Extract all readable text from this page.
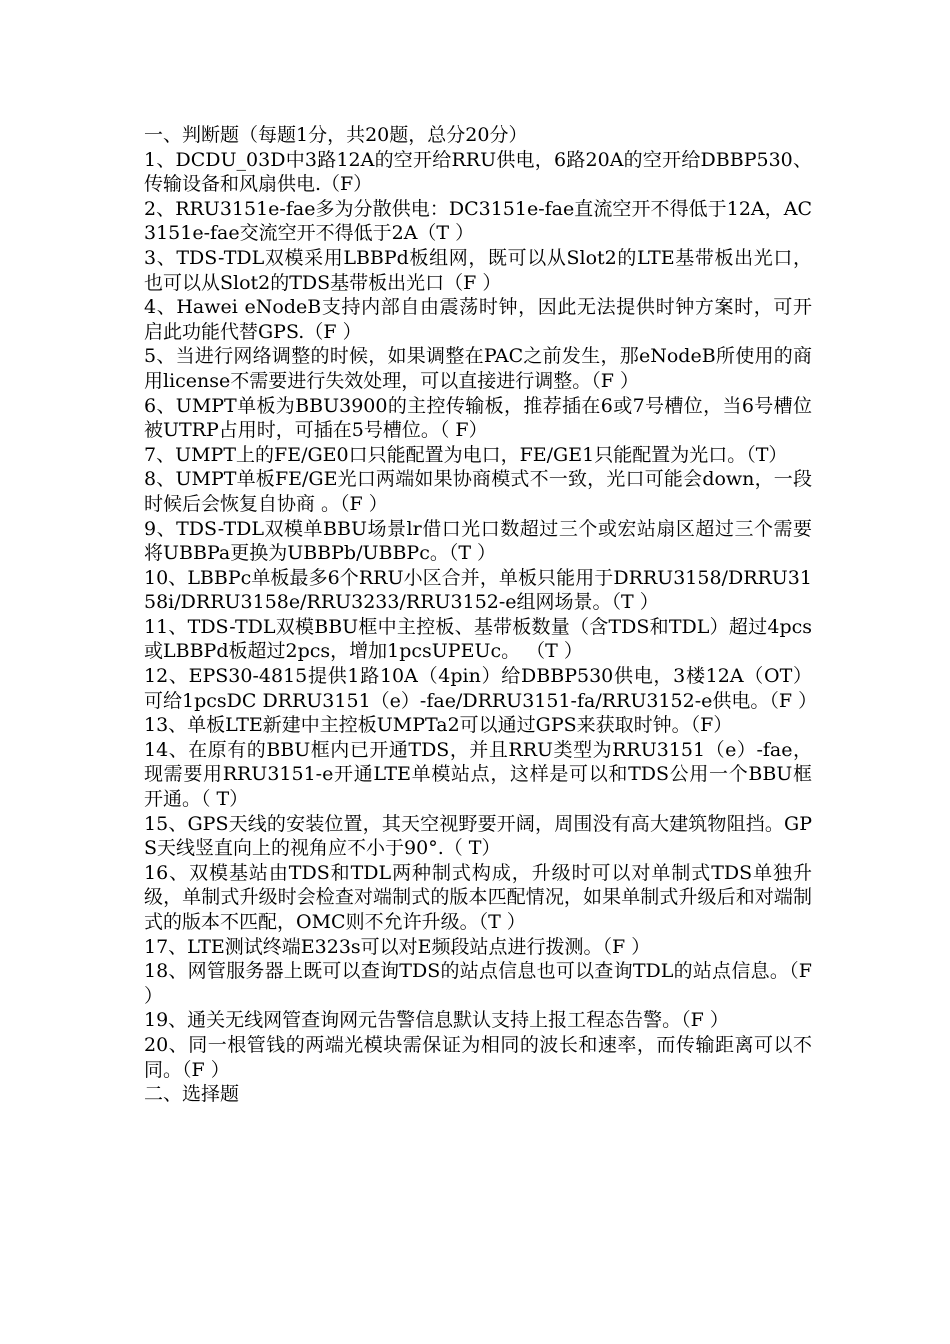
一、判断题（每题1分，共20题，总分20分）

1、DCDU_03D中3路12A的空开给RRU供电，6路20A的空开给DBBP530、传输设备和风扇供电.（F）

2、RRU3151e-fae多为分散供电：DC3151e-fae直流空开不得低于12A，AC3151e-fae交流空开不得低于2A（T ）

3、TDS-TDL双模采用LBBPd板组网，既可以从Slot2的LTE基带板出光口，也可以从Slot2的TDS基带板出光口（F ）

4、Hawei eNodeB支持内部自由震荡时钟，因此无法提供时钟方案时，可开启此功能代替GPS.（F ）

5、当进行网络调整的时候，如果调整在PAC之前发生，那eNodeB所使用的商用license不需要进行失效处理，可以直接进行调整。（F ）

6、UMPT单板为BBU3900的主控传输板，推荐插在6或7号槽位，当6号槽位被UTRP占用时，可插在5号槽位。（ F）

7、UMPT上的FE/GE0口只能配置为电口，FE/GE1只能配置为光口。（T）

8、UMPT单板FE/GE光口两端如果协商模式不一致，光口可能会down，一段时候后会恢复自协商 。（F ）

9、TDS-TDL双模单BBU场景lr借口光口数超过三个或宏站扇区超过三个需要将UBBPa更换为UBBPb/UBBPc。（T ）

10、LBBPc单板最多6个RRU小区合并，单板只能用于DRRU3158/DRRU3158i/DRRU3158e/RRU3233/RRU3152-e组网场景。（T ）

11、TDS-TDL双模BBU框中主控板、基带板数量（含TDS和TDL）超过4pcs或LBBPd板超过2pcs，增加1pcsUPEUc。 （T ）

12、EPS30-4815提供1路10A（4pin）给DBBP530供电，3楼12A（OT）可给1pcsDC DRRU3151（e）-fae/DRRU3151-fa/RRU3152-e供电。（F ）

13、单板LTE新建中主控板UMPTa2可以通过GPS来获取时钟。（F）

14、在原有的BBU框内已开通TDS，并且RRU类型为RRU3151（e）-fae，现需要用RRU3151-e开通LTE单模站点，这样是可以和TDS公用一个BBU框开通。（ T）

15、GPS天线的安装位置，其天空视野要开阔，周围没有高大建筑物阻挡。GPS天线竖直向上的视角应不小于90°.（ T）

16、双模基站由TDS和TDL两种制式构成，升级时可以对单制式TDS单独升级，单制式升级时会检查对端制式的版本匹配情况，如果单制式升级后和对端制式的版本不匹配，OMC则不允许升级。（T ）

17、LTE测试终端E323s可以对E频段站点进行拨测。（F ）

18、网管服务器上既可以查询TDS的站点信息也可以查询TDL的站点信息。（F ）

19、通关无线网管查询网元告警信息默认支持上报工程态告警。（F ）

20、同一根管钱的两端光模块需保证为相同的波长和速率，而传输距离可以不同。（F ）

二、选择题
